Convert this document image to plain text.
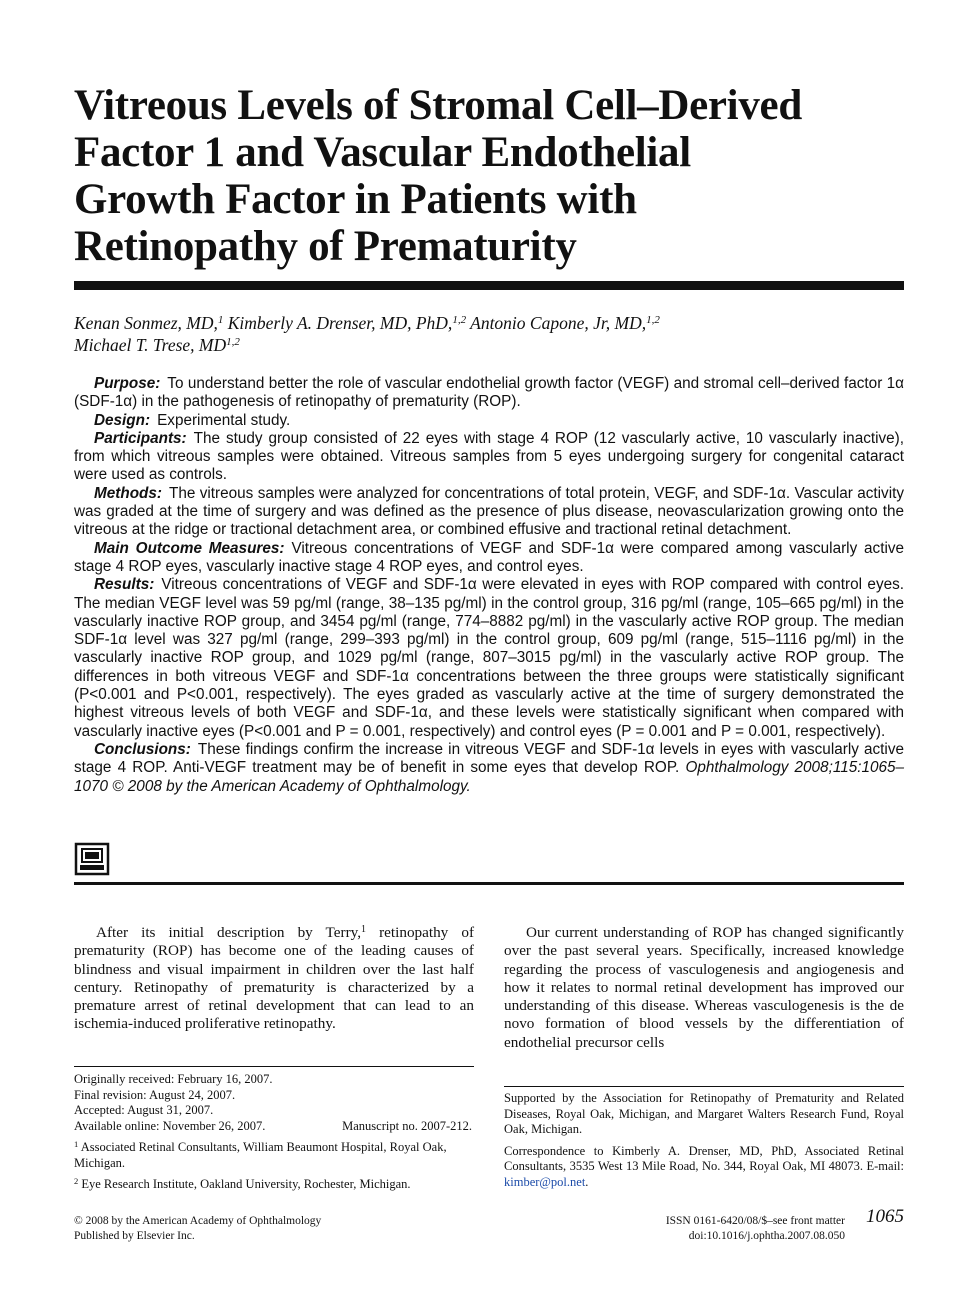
Vitreous Levels of Stromal Cell–Derived
Factor 1 and Vascular Endothelial
Growth Factor in Patients with
Retinopathy of Prematurity
Kenan Sonmez, MD,$^1$ Kimberly A. Drenser, MD, PhD,$^{1,2}$ Antonio Capone, Jr, MD,$^{1,2}$
Michael T. Trese, MD$^{1,2}$

Purpose: To understand better the role of vascular endothelial growth factor (VEGF) and stromal cell–derived factor 1α (SDF-1α) in the pathogenesis of retinopathy of prematurity (ROP).

Design: Experimental study.

Participants: The study group consisted of 22 eyes with stage 4 ROP (12 vascularly active, 10 vascularly inactive), from which vitreous samples were obtained. Vitreous samples from 5 eyes undergoing surgery for congenital cataract were used as controls.

Methods: The vitreous samples were analyzed for concentrations of total protein, VEGF, and SDF-1α. Vascular activity was graded at the time of surgery and was defined as the presence of plus disease, neovascularization growing onto the vitreous at the ridge or tractional detachment area, or combined effusive and tractional retinal detachment.

Main Outcome Measures: Vitreous concentrations of VEGF and SDF-1α were compared among vascularly active stage 4 ROP eyes, vascularly inactive stage 4 ROP eyes, and control eyes.

Results: Vitreous concentrations of VEGF and SDF-1α were elevated in eyes with ROP compared with control eyes. The median VEGF level was 59 pg/ml (range, 38–135 pg/ml) in the control group, 316 pg/ml (range, 105–665 pg/ml) in the vascularly inactive ROP group, and 3454 pg/ml (range, 774–8882 pg/ml) in the vascularly active ROP group. The median SDF-1α level was 327 pg/ml (range, 299–393 pg/ml) in the control group, 609 pg/ml (range, 515–1116 pg/ml) in the vascularly inactive ROP group, and 1029 pg/ml (range, 807–3015 pg/ml) in the vascularly active ROP group. The differences in both vitreous VEGF and SDF-1α concentrations between the three groups were statistically significant (P<0.001 and P<0.001, respectively). The eyes graded as vascularly active at the time of surgery demonstrated the highest vitreous levels of both VEGF and SDF-1α, and these levels were statistically significant when compared with vascularly inactive eyes (P<0.001 and P = 0.001, respectively) and control eyes (P = 0.001 and P = 0.001, respectively).

Conclusions: These findings confirm the increase in vitreous VEGF and SDF-1α levels in eyes with vascularly active stage 4 ROP. Anti-VEGF treatment may be of benefit in some eyes that develop ROP. Ophthalmology 2008;115:1065–1070 © 2008 by the American Academy of Ophthalmology.

After its initial description by Terry,$^1$ retinopathy of prematurity (ROP) has become one of the leading causes of blindness and visual impairment in children over the last half century. Retinopathy of prematurity is characterized by a premature arrest of retinal development that can lead to an ischemia-induced proliferative retinopathy.

Our current understanding of ROP has changed significantly over the past several years. Specifically, increased knowledge regarding the process of vasculogenesis and angiogenesis and how it relates to normal retinal development has improved our understanding of this disease. Whereas vasculogenesis is the de novo formation of blood vessels by the differentiation of endothelial precursor cells

Originally received: February 16, 2007.
Final revision: August 24, 2007.
Accepted: August 31, 2007.
Available online: November 26, 2007.	Manuscript no. 2007-212.
$^1$ Associated Retinal Consultants, William Beaumont Hospital, Royal Oak, Michigan.
$^2$ Eye Research Institute, Oakland University, Rochester, Michigan.
Supported by the Association for Retinopathy of Prematurity and Related Diseases, Royal Oak, Michigan, and Margaret Walters Research Fund, Royal Oak, Michigan.
Correspondence to Kimberly A. Drenser, MD, PhD, Associated Retinal Consultants, 3535 West 13 Mile Road, No. 344, Royal Oak, MI 48073. E-mail: kimber@pol.net.
© 2008 by the American Academy of Ophthalmology
Published by Elsevier Inc.
ISSN 0161-6420/08/$–see front matter
doi:10.1016/j.ophtha.2007.08.050
1065
